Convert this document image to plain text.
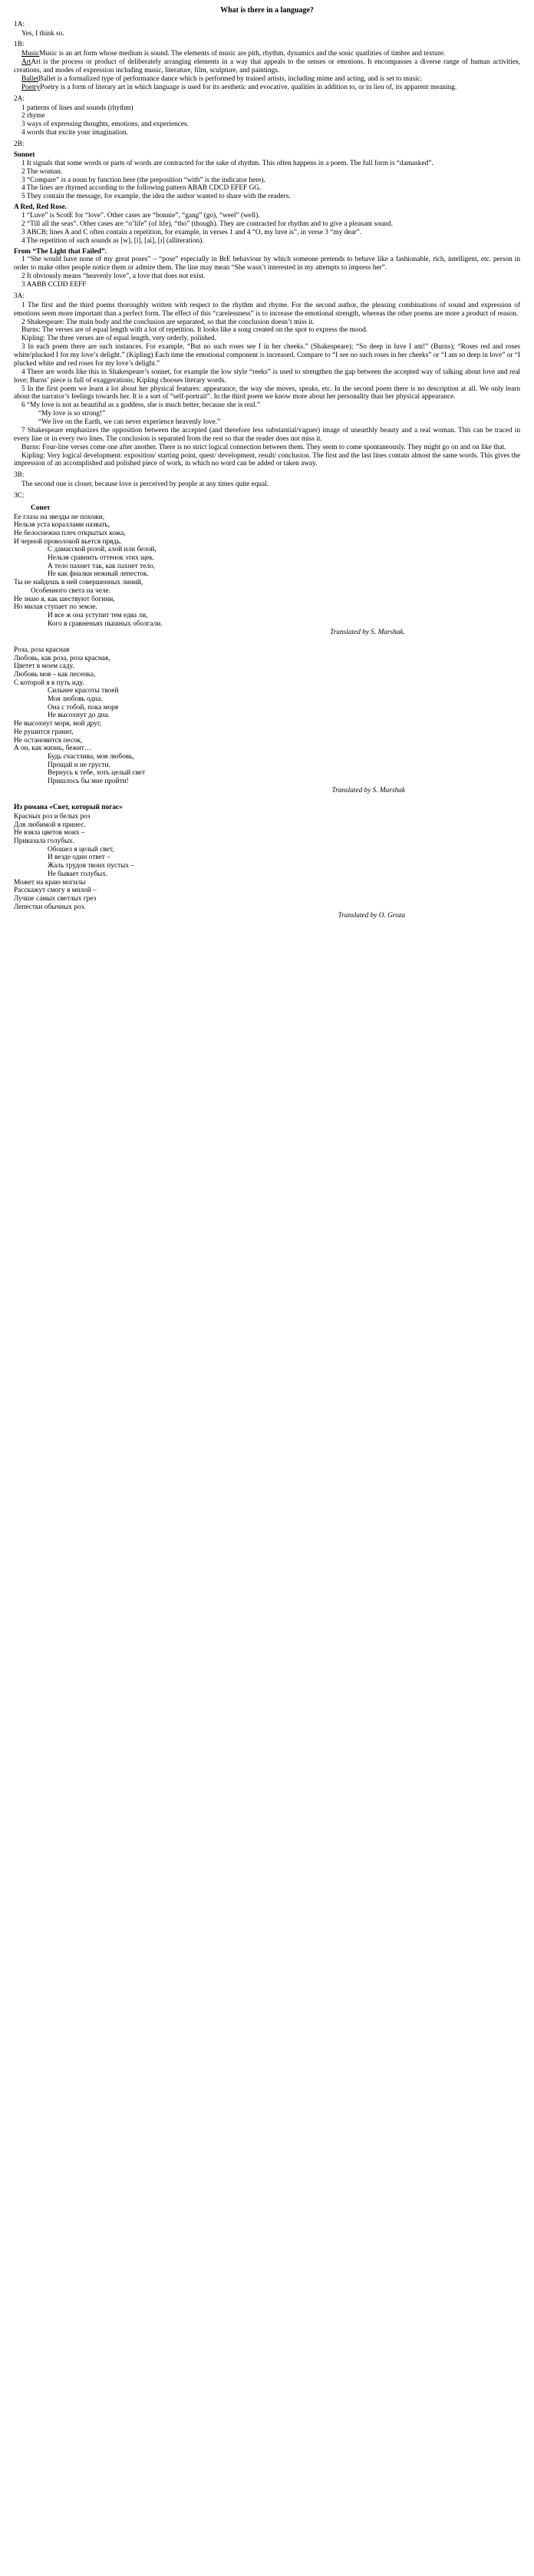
What is there in a language?
1A:

Yes, I think so.

1B:

MusicMusic is an art form whose medium is sound. The elements of music are pith, rhythm, dynamics and the sonic quatlities of timbre and texture.

ArtArt is the process or product of deliberately arranging elements in a way that appeals to the senses or emotions. It encompasses a diverse range of human activities, creations, and modes of expression including music, literature, film, sculpture, and paintings.

BalletBallet is a formalized type of performance dance which is performed by trained artists, including mime and acting, and is set to music.

PoetryPoetry is a form of literary art in which language is used for its aesthetic and evocative, qualities in addition to, or in lieu of, its apparent meaning.

2A:

1 patterns of lines and sounds (rhythm)

2 rhyme

3 ways of expressing thoughts, emotions, and experiences.

4 words that excite your imagination.

2B:
Sonnet

1 It signals that some words or parts of words are contracted for the sake of rhythm. This often happens in a poem. The full form is “damasked”.

2 The woman.

3 “Compare” is a noun by function here (the preposition “with” is the indicator here).

4 The lines are rhymed according to the following pattern ABAB CDCD EFEF GG.

5 They contain the message, for example, the idea the author wanted to share with the readers.

A Red, Red Rose.

1 “Luve” is ScotE for “love”. Other cases are “bonnie”, “gang” (go), “weel” (well).

2 “Till all the seas”. Other cases are “o’life” (of life), “tho” (though). They are contracted for rhythm and to give a pleasant sound.

3 ABCB; lines A and C often contain a repetition, for example, in verses 1 and 4 “O, my luve is”, in verse 3 “my dear”.

4 The repetition of such sounds as [w], [i], [ai], [ɪ] (alliteration).

From “The Light that Failed”.

1 “She would have none of my great poses” – “pose” especially in BrE behaviour by which someone pretends to behave like a fashionable, rich, intelligent, etc. person in order to make other people notice them or admire them. The line may mean “She wasn’t interested in my attempts to impress her”.

2 It obviously means “heavenly love”, a love that does not exist.

3 AABB CCDD EEFF

3A:

1 The first and the third poems thoroughly written with respect to the rhythm and rhyme. For the second author, the pleasing combinations of sound and expression of emotions seem more important than a perfect form. The effect of this “carelessness” is to increase the emotional strength, whereas the other poems are more a product of reason.

2 Shakespeare: The main body and the conclusion are separated, so that the conclusion doesn’t miss it.

Burns: The verses are of equal length with a lot of repetition. It looks like a song created on the spot to express the mood.

Kipling: The three verses are of equal length, very orderly, polished.

3 In each poem there are such instances. For example, “But no such roses see I in her cheeks.” (Shakespeare); “So deep in luve I am!” (Burns); “Roses red and roses white/plucked I for my love’s delight.” (Kipling) Each time the emotional component is increased. Compare to “I see no such roses in her cheeks” or “I am so deep in love” or “I plucked white and red roses for my love’s delight.”

4 There are words like this in Shakespeare’s sonnet, for example the low style “reeks” is used to strengthen the gap between the accepted way of talking about love and real love; Burns’ piece is full of exaggerations; Kipling chooses literary words.

5 In the first poem we learn a lot about her physical features: appearance, the way she moves, speaks, etc. In the second poem there is no description at all. We only learn about the narrator’s feelings towards her. It is a sort of “self-portrait”. In the third poem we know more about her personality than her physical appearance.

6 “My love is not as beautiful as a goddess, she is much better, because she is real.”

“My love is so strong!”

“We live on the Earth, we can never experience heavenly love.”

7 Shakespeare emphasizes the opposition between the accepted (and therefore less substantial/vaguer) image of unearthly beauty and a real woman. This can be traced in every line or in every two lines. The conclusion is separated from the rest so that the reader does not miss it.

Burns: Four-line verses come one after another. There is no strict logical connection between them. They seem to come spontaneously. They might go on and on like that.

Kipling: Very logical development: exposition/ starting point, quest/ development, result/ conclusion. The first and the last lines contain almost the same words. This gives the impression of an accomplished and polished piece of work, in which no word can be added or taken away.

3B:

The second one is closer, because love is perceived by people at any times quite equal.

3C:
Сонет

Ее глаза на звезды не похожи,

Нельзя уста кораллами назвать,

Не белоснежна плеч открытых кожа,

И черной проволокой вьется прядь.

С дамасской розой, алой или белой,

Нельзя сравнить оттенок этих щек.

А тело пахнет так, как пахнет тело,

Не как фиалки нежный лепесток.

Ты не найдешь в ней совершенных линий,

Особенного света на челе.

Не знаю я, как шествуют богини,

Но милая ступает по земле.

И все ж она уступит тем едва ли,

Кого в сравненьях пышных оболгали.

Translated by S. Marshak.

Роза, роза красная

Любовь, как роза, роза красная,

Цветет в моем саду.

Любовь моя – как песенка,

С которой я в путь иду.

Сильнее красоты твоей

Моя любовь одна.

Она с тобой, пока моря

Не высохнут до дна.

Не высохнут моря, мой друг,

Не рушится гранит,

Не остановится песок,

А он, как жизнь, бежит…

Будь счастлива, моя любовь,

Прощай и не грусти.

Вернусь к тебе, хоть целый свет

Пришлось бы мне пройти!

Translated by S. Marshak

Из романа «Свет, который погас»

Красных роз и белых роз

Для любимой я принес.

Не взяла цветов моих –

Приказала голубых.

Обошел я целый свет,

И везде один ответ –

Жаль трудов твоих пустых –

Не бывает голубых.

Может на краю могилы

Расскажут смогу я милой –

Лучше самых светлых грез

Лепестки обычных роз.

Translated by O. Groza
